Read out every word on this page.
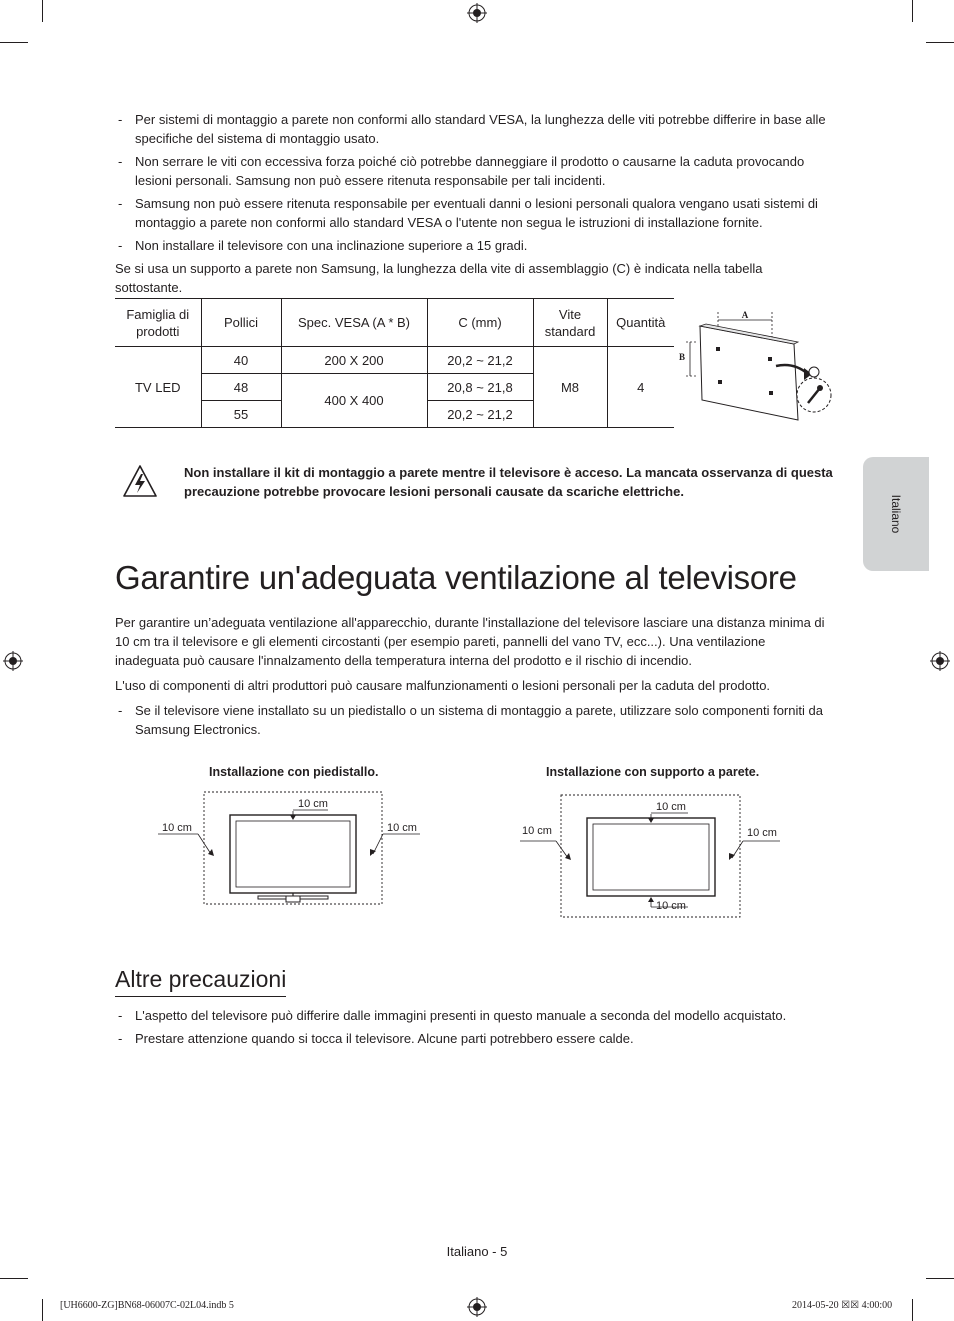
Italiano
- Per sistemi di montaggio a parete non conformi allo standard VESA, la lunghezza delle viti potrebbe differire in base alle specifiche del sistema di montaggio usato.
- Non serrare le viti con eccessiva forza poiché ciò potrebbe danneggiare il prodotto o causarne la caduta provocando lesioni personali. Samsung non può essere ritenuta responsabile per tali incidenti.
- Samsung non può essere ritenuta responsabile per eventuali danni o lesioni personali qualora vengano usati sistemi di montaggio a parete non conformi allo standard VESA o l'utente non segua le istruzioni di installazione fornite.
- Non installare il televisore con una inclinazione superiore a 15 gradi.

Se si usa un supporto a parete non Samsung, la lunghezza della vite di assemblaggio (C) è indicata nella tabella sottostante.

Famiglia di prodotti	Pollici	Spec. VESA (A * B)	C (mm)	Vite standard	Quantità
TV LED	40	200 X 200	20,2 ~ 21,2	M8	4
	48	400 X 400	20,8 ~ 21,8		
	55		20,2 ~ 21,2		
A
B
Non installare il kit di montaggio a parete mentre il televisore è acceso. La mancata osservanza di questa precauzione potrebbe provocare lesioni personali causate da scariche elettriche.
Garantire un'adeguata ventilazione al televisore

Per garantire un’adeguata ventilazione all'apparecchio, durante l'installazione del televisore lasciare una distanza minima di 10 cm tra il televisore e gli elementi circostanti (per esempio pareti, pannelli del vano TV, ecc...). Una ventilazione inadeguata può causare l'innalzamento della temperatura interna del prodotto e il rischio di incendio.

L'uso di componenti di altri produttori può causare malfunzionamenti o lesioni personali per la caduta del prodotto.

- Se il televisore viene installato su un piedistallo o un sistema di montaggio a parete, utilizzare solo componenti forniti da Samsung Electronics.
Installazione con piedistallo.	Installazione con supporto a parete.
10 cm
10 cm	10 cm
10 cm
10 cm
10 cm	10 cm
Altre precauzioni
- L'aspetto del televisore può differire dalle immagini presenti in questo manuale a seconda del modello acquistato.
- Prestare attenzione quando si tocca il televisore. Alcune parti potrebbero essere calde.
Italiano - 5
[UH6600-ZG]BN68-06007C-02L04.indb 5	2014-05-20 ☒☒ 4:00:00
